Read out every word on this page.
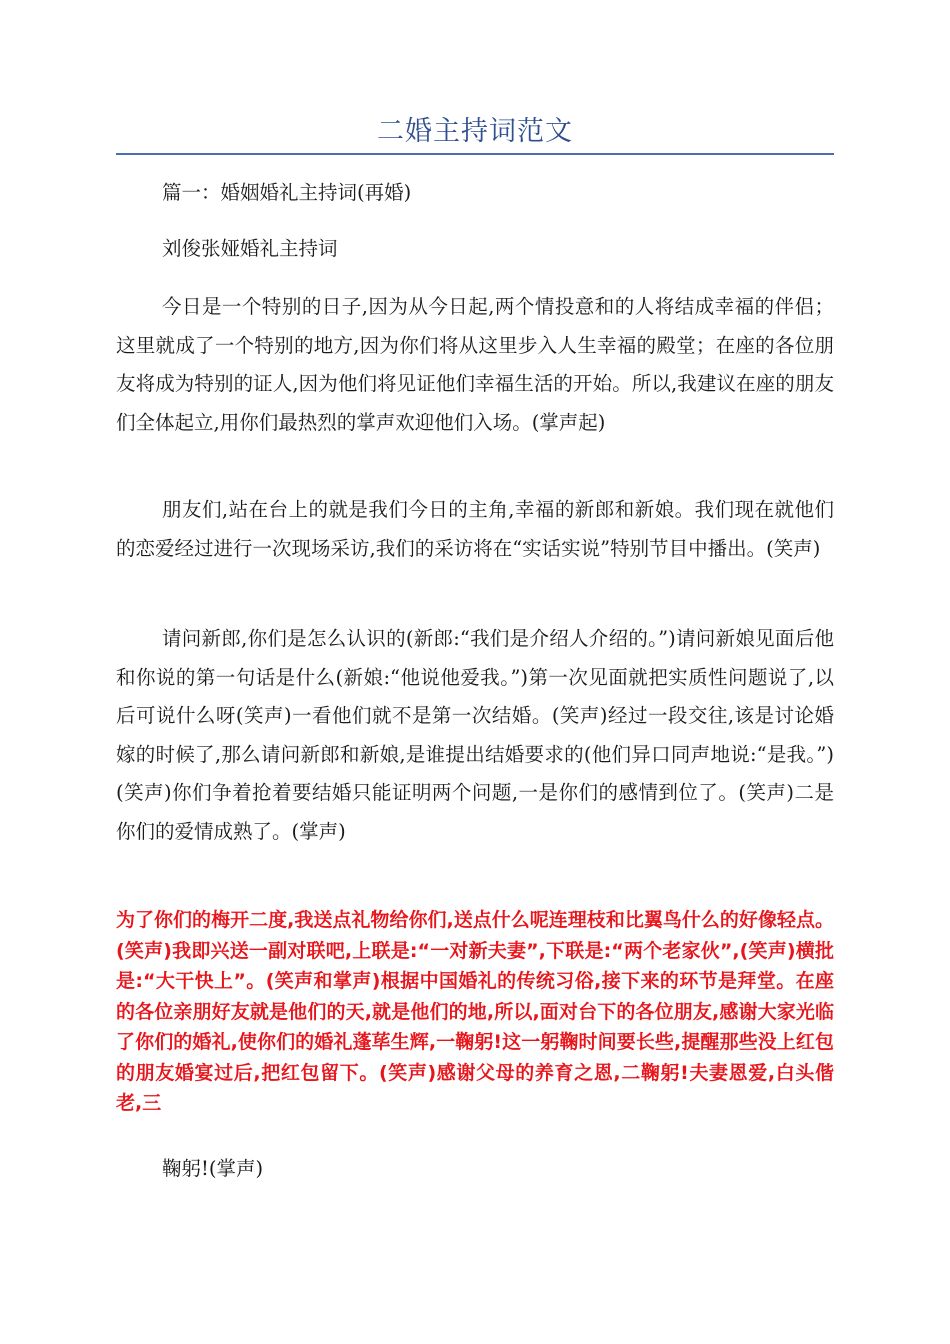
二婚主持词范文

篇一：婚姻婚礼主持词(再婚)

刘俊张娅婚礼主持词

今日是一个特别的日子,因为从今日起,两个情投意和的人将结成幸福的伴侣；这里就成了一个特别的地方,因为你们将从这里步入人生幸福的殿堂；在座的各位朋友将成为特别的证人,因为他们将见证他们幸福生活的开始。所以,我建议在座的朋友们全体起立,用你们最热烈的掌声欢迎他们入场。(掌声起)

朋友们,站在台上的就是我们今日的主角,幸福的新郎和新娘。我们现在就他们的恋爱经过进行一次现场采访,我们的采访将在“实话实说”特别节目中播出。(笑声)

请问新郎,你们是怎么认识的(新郎:“我们是介绍人介绍的。”)请问新娘见面后他和你说的第一句话是什么(新娘:“他说他爱我。”)第一次见面就把实质性问题说了,以后可说什么呀(笑声)一看他们就不是第一次结婚。(笑声)经过一段交往,该是讨论婚嫁的时候了,那么请问新郎和新娘,是谁提出结婚要求的(他们异口同声地说:“是我。”)(笑声)你们争着抢着要结婚只能证明两个问题,一是你们的感情到位了。(笑声)二是你们的爱情成熟了。(掌声)

为了你们的梅开二度,我送点礼物给你们,送点什么呢连理枝和比翼鸟什么的好像轻点。(笑声)我即兴送一副对联吧,上联是:“一对新夫妻”,下联是:“两个老家伙”,(笑声)横批是:“大干快上”。(笑声和掌声)根据中国婚礼的传统习俗,接下来的环节是拜堂。在座的各位亲朋好友就是他们的天,就是他们的地,所以,面对台下的各位朋友,感谢大家光临了你们的婚礼,使你们的婚礼蓬荜生辉,一鞠躬!这一躬鞠时间要长些,提醒那些没上红包的朋友婚宴过后,把红包留下。(笑声)感谢父母的养育之恩,二鞠躬!夫妻恩爱,白头偕老,三

鞠躬!(掌声)
